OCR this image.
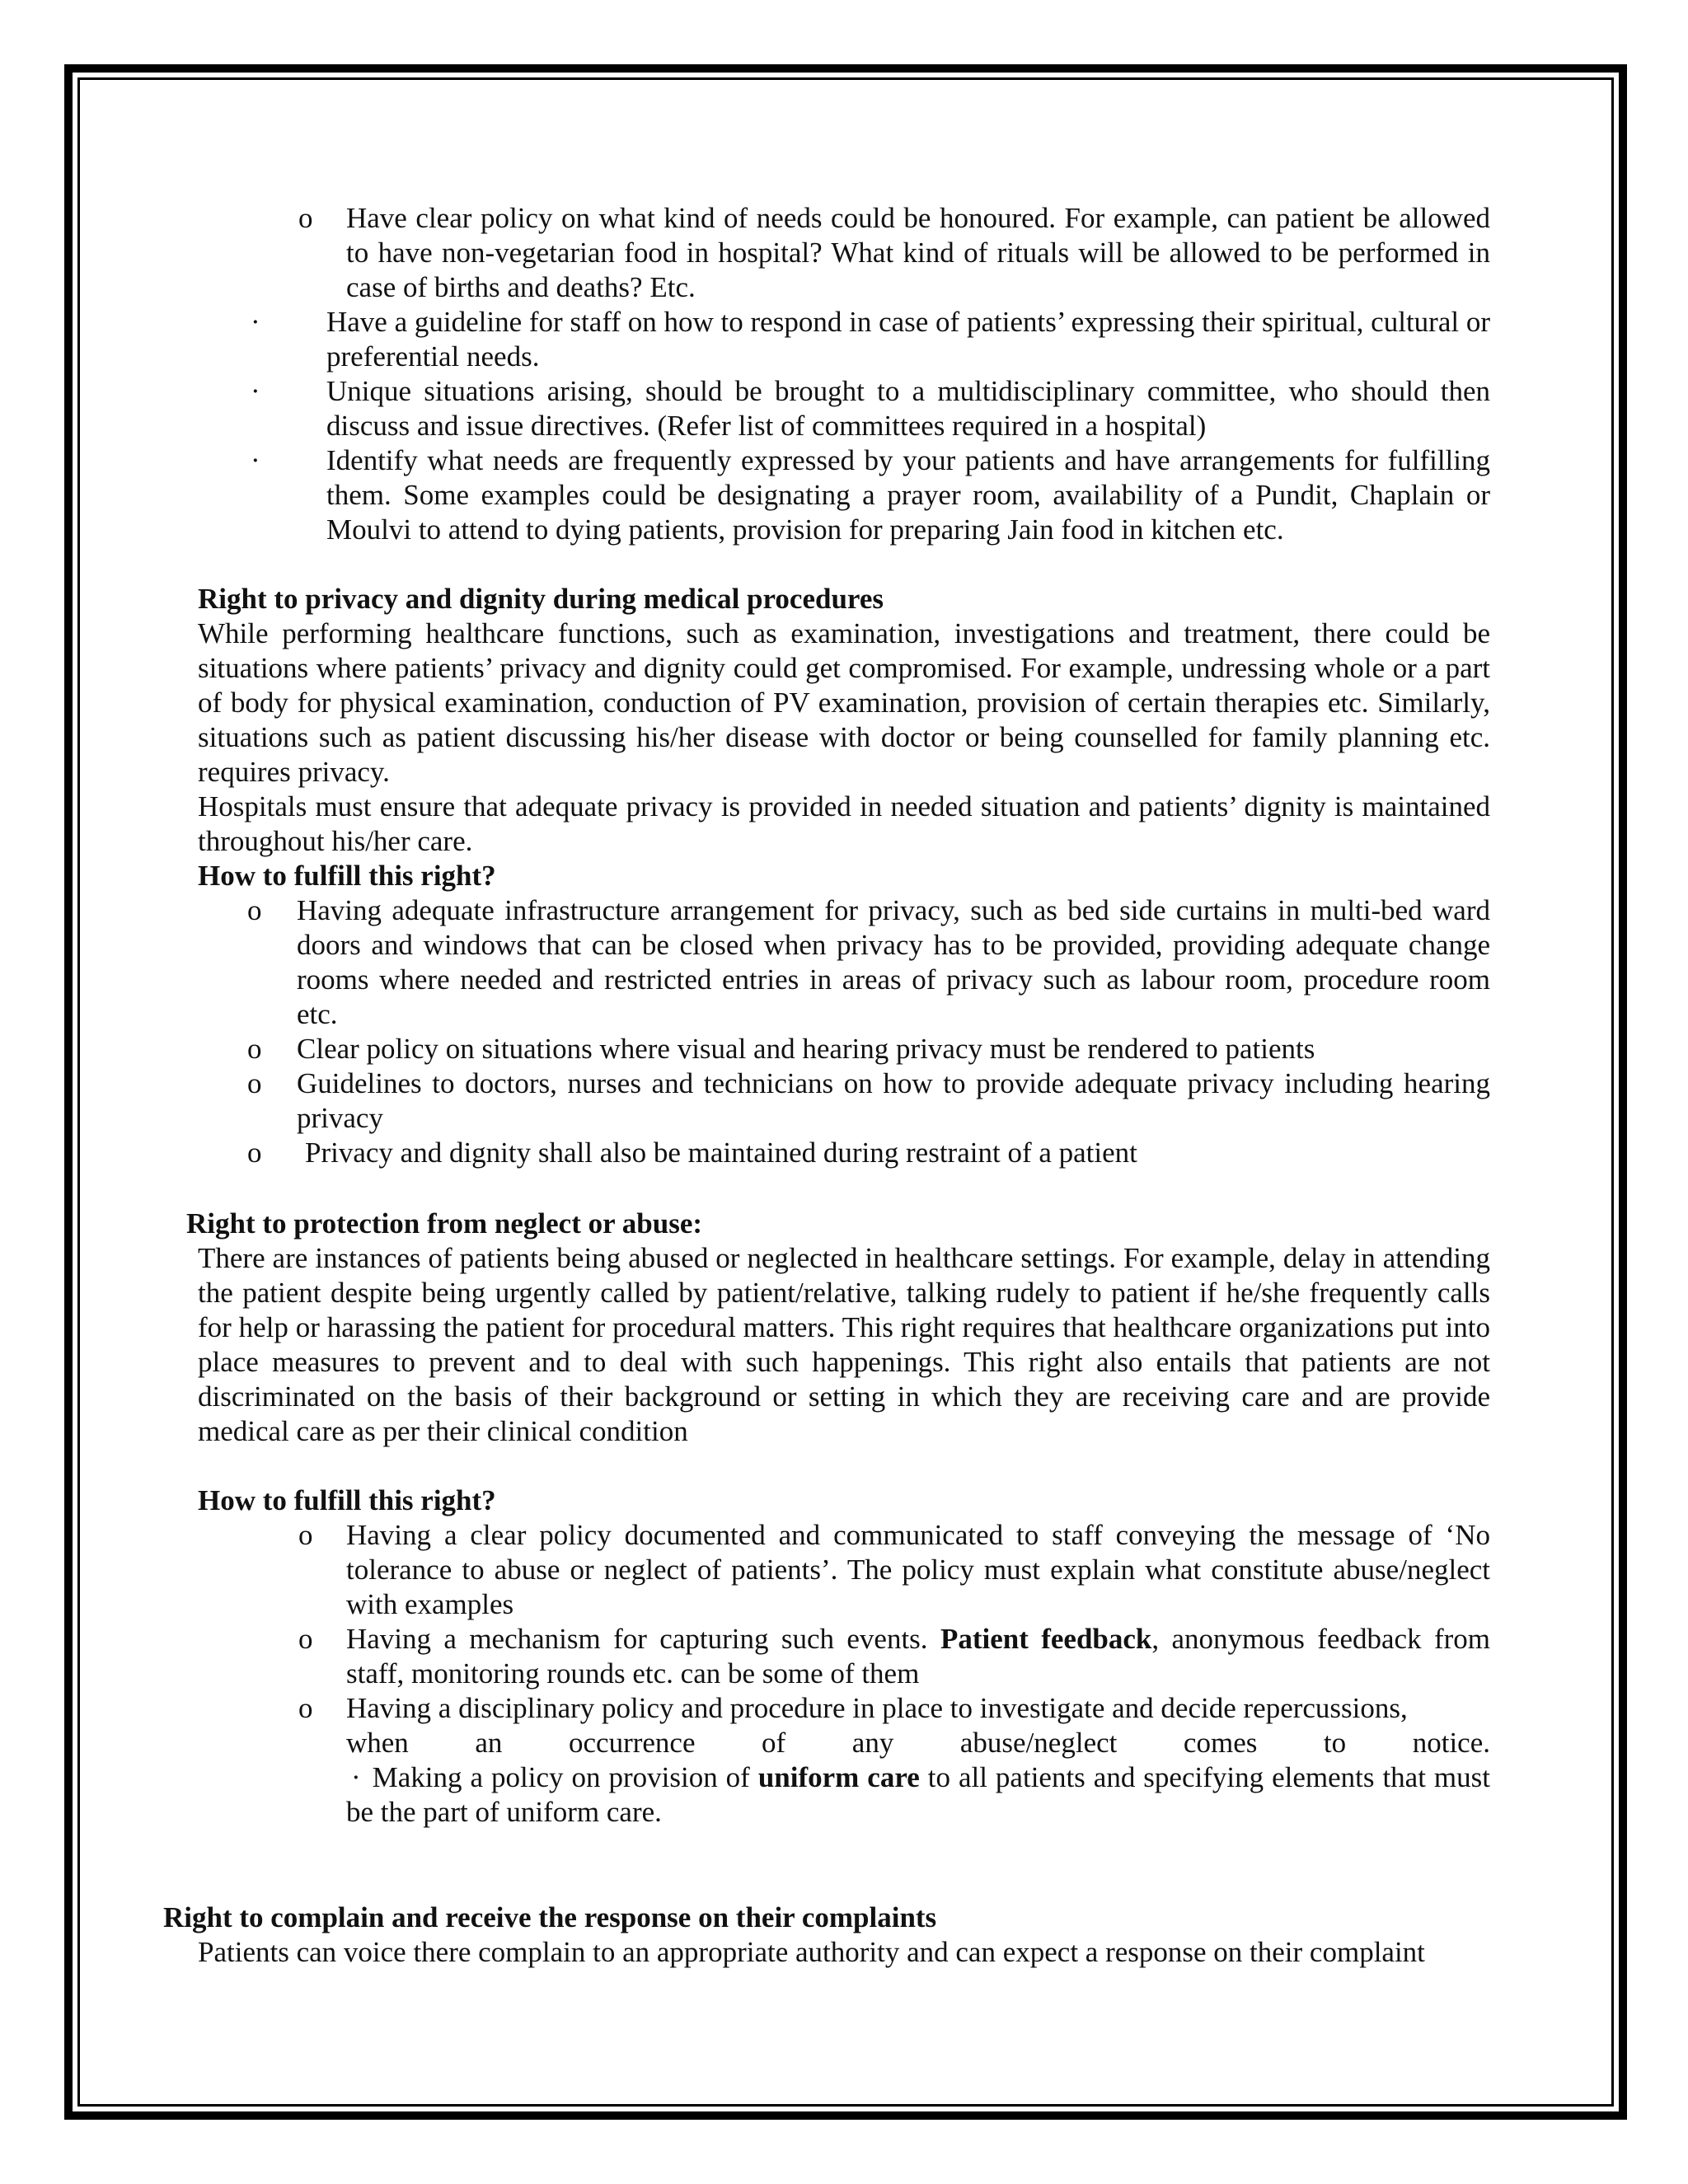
o Have clear policy on what kind of needs could be honoured. For example, can patient be allowed to have non-vegetarian food in hospital? What kind of rituals will be allowed to be performed in case of births and deaths? Etc.
· Have a guideline for staff on how to respond in case of patients’ expressing their spiritual, cultural or preferential needs.
· Unique situations arising, should be brought to a multidisciplinary committee, who should then discuss and issue directives. (Refer list of committees required in a hospital)
· Identify what needs are frequently expressed by your patients and have arrangements for fulfilling them. Some examples could be designating a prayer room, availability of a Pundit, Chaplain or Moulvi to attend to dying patients, provision for preparing Jain food in kitchen etc.
Right to privacy and dignity during medical procedures

While performing healthcare functions, such as examination, investigations and treatment, there could be situations where patients’ privacy and dignity could get compromised. For example, undressing whole or a part of body for physical examination, conduction of PV examination, provision of certain therapies etc. Similarly, situations such as patient discussing his/her disease with doctor or being counselled for family planning etc. requires privacy.

Hospitals must ensure that adequate privacy is provided in needed situation and patients’ dignity is maintained throughout his/her care.

How to fulfill this right?
o Having adequate infrastructure arrangement for privacy, such as bed side curtains in multi-bed ward doors and windows that can be closed when privacy has to be provided, providing adequate change rooms where needed and restricted entries in areas of privacy such as labour room, procedure room etc.
o Clear policy on situations where visual and hearing privacy must be rendered to patients
o Guidelines to doctors, nurses and technicians on how to provide adequate privacy including hearing privacy
o Privacy and dignity shall also be maintained during restraint of a patient
Right to protection from neglect or abuse:
There are instances of patients being abused or neglected in healthcare settings. For example, delay in attending the patient despite being urgently called by patient/relative, talking rudely to patient if he/she frequently calls for help or harassing the patient for procedural matters. This right requires that healthcare organizations put into place measures to prevent and to deal with such happenings. This right also entails that patients are not discriminated on the basis of their background or setting in which they are receiving care and are provide medical care as per their clinical condition
How to fulfill this right?
o Having a clear policy documented and communicated to staff conveying the message of ‘No tolerance to abuse or neglect of patients’. The policy must explain what constitute abuse/neglect with examples
o Having a mechanism for capturing such events. Patient feedback, anonymous feedback from staff, monitoring rounds etc. can be some of them
o Having a disciplinary policy and procedure in place to investigate and decide repercussions,
when an occurrence of any abuse/neglect comes to notice.
· Making a policy on provision of uniform care to all patients and specifying elements that must be the part of uniform care.
Right to complain and receive the response on their complaints
Patients can voice there complain to an appropriate authority and can expect a response on their complaint
